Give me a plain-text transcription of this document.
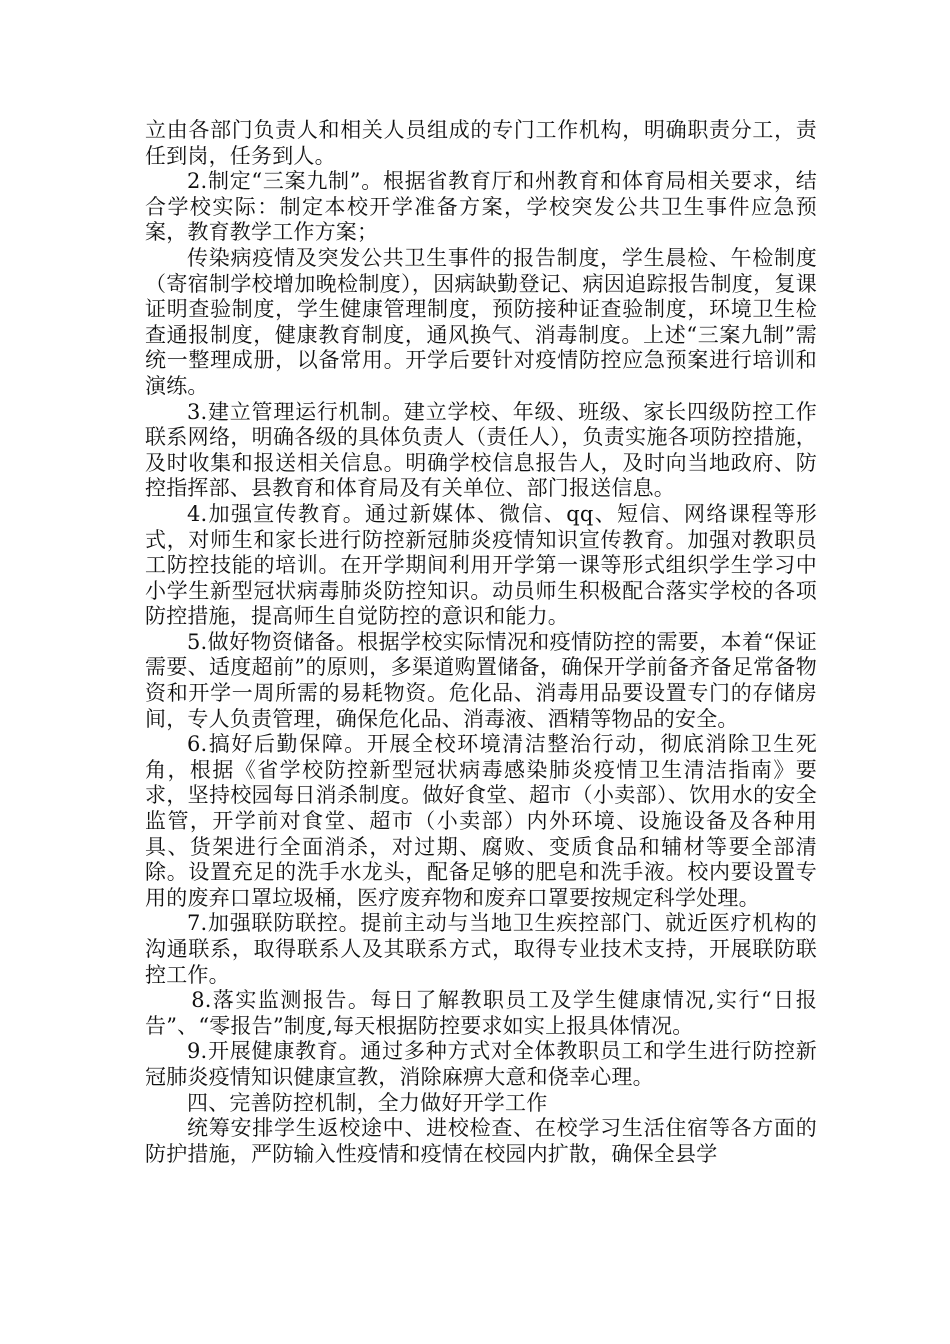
立由各部门负责人和相关人员组成的专门工作机构，明确职责分工，责任到岗，任务到人。

2.制定“三案九制”。根据省教育厅和州教育和体育局相关要求，结合学校实际：制定本校开学准备方案，学校突发公共卫生事件应急预案，教育教学工作方案；

传染病疫情及突发公共卫生事件的报告制度，学生晨检、午检制度（寄宿制学校增加晚检制度），因病缺勤登记、病因追踪报告制度，复课证明查验制度，学生健康管理制度，预防接种证查验制度，环境卫生检查通报制度，健康教育制度，通风换气、消毒制度。上述“三案九制”需统一整理成册，以备常用。开学后要针对疫情防控应急预案进行培训和演练。

3.建立管理运行机制。建立学校、年级、班级、家长四级防控工作联系网络，明确各级的具体负责人（责任人），负责实施各项防控措施，及时收集和报送相关信息。明确学校信息报告人，及时向当地政府、防控指挥部、县教育和体育局及有关单位、部门报送信息。

4.加强宣传教育。通过新媒体、微信、qq、短信、网络课程等形式，对师生和家长进行防控新冠肺炎疫情知识宣传教育。加强对教职员工防控技能的培训。在开学期间利用开学第一课等形式组织学生学习中小学生新型冠状病毒肺炎防控知识。动员师生积极配合落实学校的各项防控措施，提高师生自觉防控的意识和能力。

5.做好物资储备。根据学校实际情况和疫情防控的需要，本着“保证需要、适度超前”的原则，多渠道购置储备，确保开学前备齐备足常备物资和开学一周所需的易耗物资。危化品、消毒用品要设置专门的存储房间，专人负责管理，确保危化品、消毒液、酒精等物品的安全。

6.搞好后勤保障。开展全校环境清洁整治行动，彻底消除卫生死角，根据《省学校防控新型冠状病毒感染肺炎疫情卫生清洁指南》要求，坚持校园每日消杀制度。做好食堂、超市（小卖部）、饮用水的安全监管，开学前对食堂、超市（小卖部）内外环境、设施设备及各种用具、货架进行全面消杀，对过期、腐败、变质食品和辅材等要全部清除。设置充足的洗手水龙头，配备足够的肥皂和洗手液。校内要设置专用的废弃口罩垃圾桶，医疗废弃物和废弃口罩要按规定科学处理。

7.加强联防联控。提前主动与当地卫生疾控部门、就近医疗机构的沟通联系，取得联系人及其联系方式，取得专业技术支持，开展联防联控工作。

8.落实监测报告。每日了解教职员工及学生健康情况,实行“日报告”、“零报告”制度,每天根据防控要求如实上报具体情况。

9.开展健康教育。通过多种方式对全体教职员工和学生进行防控新冠肺炎疫情知识健康宣教，消除麻痹大意和侥幸心理。

四、完善防控机制，全力做好开学工作

统筹安排学生返校途中、进校检查、在校学习生活住宿等各方面的防护措施，严防输入性疫情和疫情在校园内扩散，确保全县学
